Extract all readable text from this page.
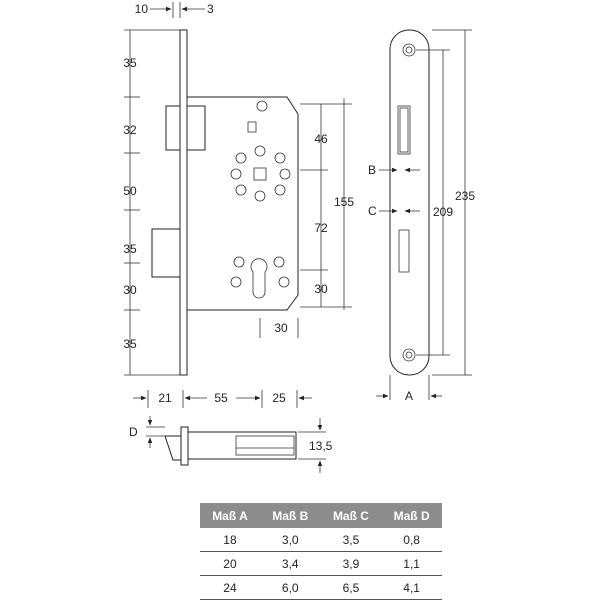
10	3
35
32
50
35
30
35
46
72
30
155
30
21	55	25
B
C
A
209
235
D
13,5
Maß A	Maß B	Maß C	Maß D
18	3,0	3,5	0,8
20	3,4	3,9	1,1
24	6,0	6,5	4,1
